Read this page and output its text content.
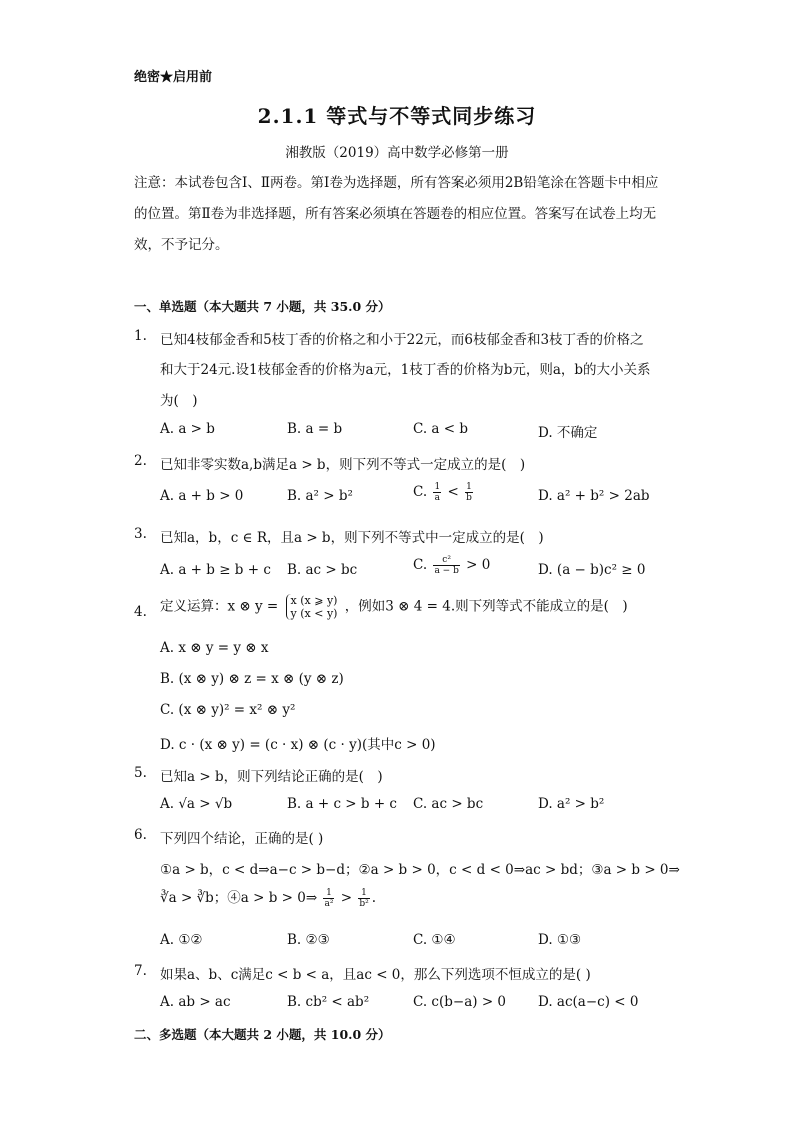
绝密★启用前
2.1.1 等式与不等式同步练习
湘教版（2019）高中数学必修第一册
注意：本试卷包含Ⅰ、Ⅱ两卷。第Ⅰ卷为选择题，所有答案必须用2B铅笔涂在答题卡中相应的位置。第Ⅱ卷为非选择题，所有答案必须填在答题卷的相应位置。答案写在试卷上均无效，不予记分。
一、单选题（本大题共 7 小题，共 35.0 分）
1. 已知4枝郁金香和5枝丁香的价格之和小于22元，而6枝郁金香和3枝丁香的价格之
和大于24元.设1枝郁金香的价格为a元，1枝丁香的价格为b元，则a，b的大小关系
为(　)
A. a > b	B. a = b	C. a < b	D. 不确定
2. 已知非零实数a,b满足a > b，则下列不等式一定成立的是(　)
A. a + b > 0	B. a² > b²	C. $\frac{1}{a} < \frac{1}{b}$	D. a² + b² > 2ab
3. 已知a，b，c ∈ R，且a > b，则下列不等式中一定成立的是(　)
A. a + b ≥ b + c B. ac > bc	C. $\frac{\text{c²}}{a - b} > 0$	D. (a − b)c² ≥ 0
4. 定义运算：x ⊗ y = x (x ⩾ y)
y (x < y) ，例如3 ⊗ 4 = 4.则下列等式不能成立的是(　)
A. x ⊗ y = y ⊗ x
B. (x ⊗ y) ⊗ z = x ⊗ (y ⊗ z)
C. (x ⊗ y)² = x² ⊗ y²
D. c · (x ⊗ y) = (c · x) ⊗ (c · y)(其中c > 0)
5. 已知a > b，则下列结论正确的是(　)
A. √a > √b	B. a + c > b + c C. ac > bc	D. a² > b²
6. 下列四个结论，正确的是( )
①a > b，c < d⇒a−c > b−d；②a > b > 0，c < d < 0⇒ac > bd；③a > b > 0⇒
∛a > ∛b；④a > b > 0⇒ $\frac{1}{\text{a²}} > \frac{1}{\text{b²}}$ .
A. ①②	B. ②③	C. ①④	D. ①③
7. 如果a、b、c满足c < b < a，且ac < 0，那么下列选项不恒成立的是( )
A. ab > ac	B. cb² < ab²	C. c(b−a) > 0 D. ac(a−c) < 0
二、多选题（本大题共 2 小题，共 10.0 分）
